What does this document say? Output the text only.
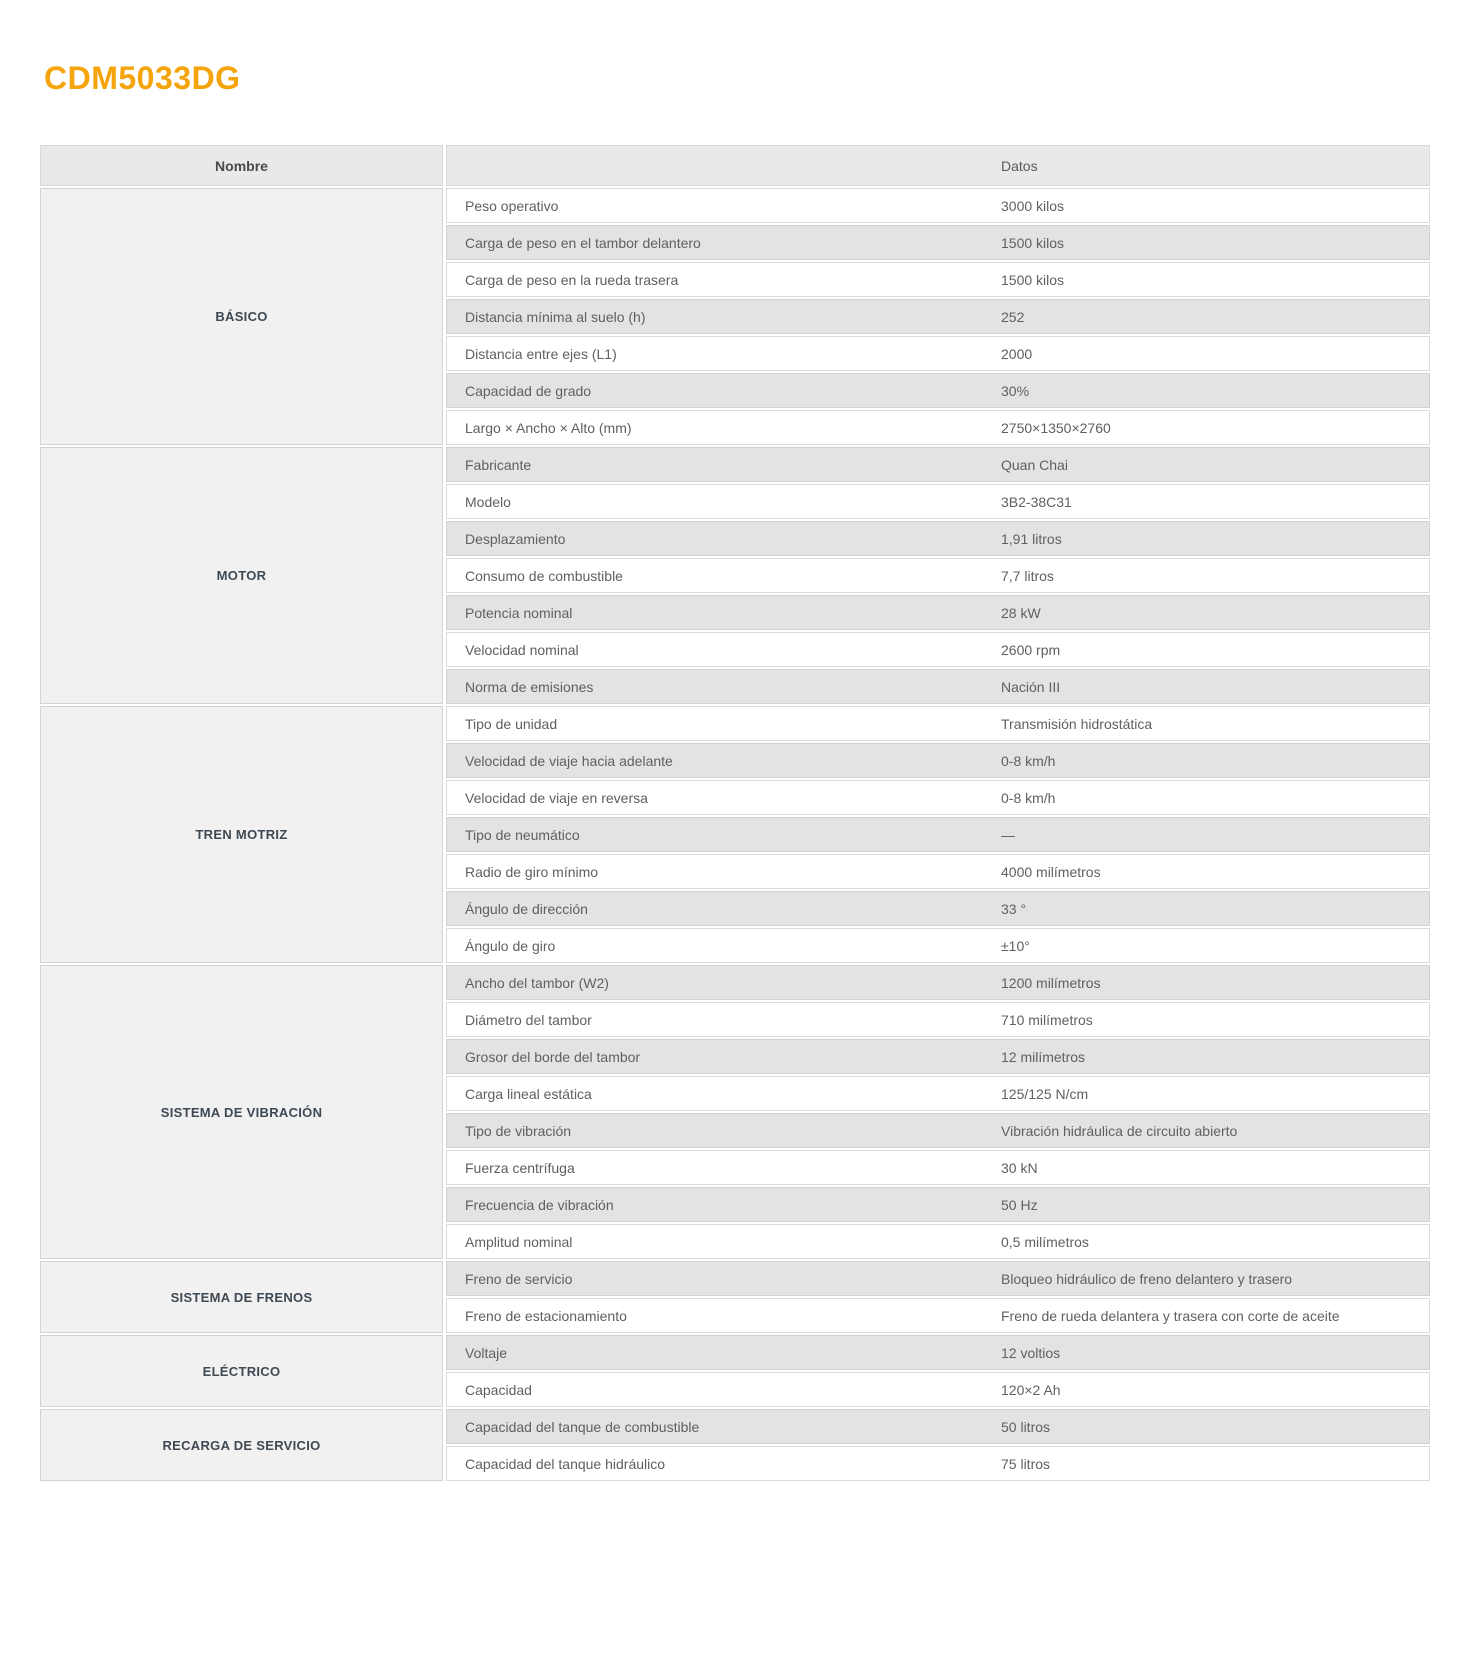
CDM5033DG
Nombre	Datos
BÁSICO
Peso operativo	3000 kilos
Carga de peso en el tambor delantero	1500 kilos
Carga de peso en la rueda trasera	1500 kilos
Distancia mínima al suelo (h)	252
Distancia entre ejes (L1)	2000
Capacidad de grado	30%
Largo × Ancho × Alto (mm)	2750×1350×2760
MOTOR
Fabricante	Quan Chai
Modelo	3B2-38C31
Desplazamiento	1,91 litros
Consumo de combustible	7,7 litros
Potencia nominal	28 kW
Velocidad nominal	2600 rpm
Norma de emisiones	Nación III
TREN MOTRIZ
Tipo de unidad	Transmisión hidrostática
Velocidad de viaje hacia adelante	0-8 km/h
Velocidad de viaje en reversa	0-8 km/h
Tipo de neumático	—
Radio de giro mínimo	4000 milímetros
Ángulo de dirección	33 °
Ángulo de giro	±10°
SISTEMA DE VIBRACIÓN
Ancho del tambor (W2)	1200 milímetros
Diámetro del tambor	710 milímetros
Grosor del borde del tambor	12 milímetros
Carga lineal estática	125/125 N/cm
Tipo de vibración	Vibración hidráulica de circuito abierto
Fuerza centrífuga	30 kN
Frecuencia de vibración	50 Hz
Amplitud nominal	0,5 milímetros
SISTEMA DE FRENOS
Freno de servicio	Bloqueo hidráulico de freno delantero y trasero
Freno de estacionamiento	Freno de rueda delantera y trasera con corte de aceite
ELÉCTRICO
Voltaje	12 voltios
Capacidad	120×2 Ah
RECARGA DE SERVICIO
Capacidad del tanque de combustible	50 litros
Capacidad del tanque hidráulico	75 litros
